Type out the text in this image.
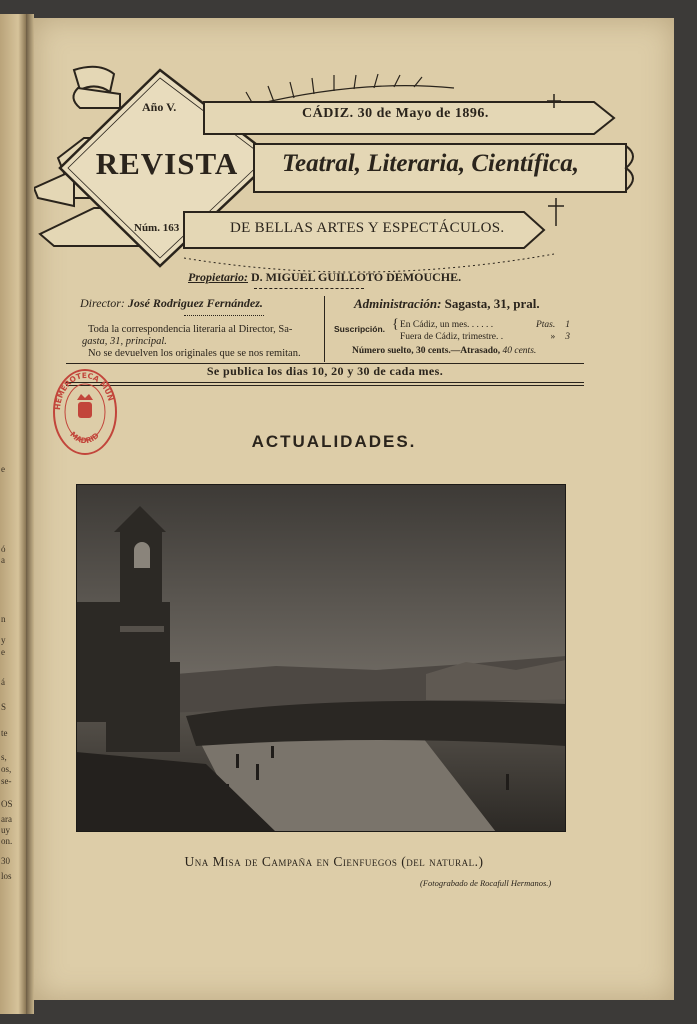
e
ó
a
n
y
e
á
S
te
s,
os,
se-
OS
ara
uy
on.
30
los
Año V.	CÁDIZ. 30 de Mayo de 1896.
REVISTA Teatral, Literaria, Científica,
Núm. 163	DE BELLAS ARTES Y ESPECTÁCULOS.
Propietario: D. MIGUEL GUILLOTO DEMOUCHE.
Director: José Rodriguez Fernández.
Toda la correspondencia literaria al Director, Sa-
gasta, 31, principal.
No se devuelven los originales que se nos remitan.
Administración: Sagasta, 31, pral.
Suscripción. { En Cádiz, un mes. . . . . .	Ptas. 1
Fuera de Cádiz, trimestre. .	» 3
Número suelto, 30 cents.—Atrasado, 40 cents.
Se publica los dias 10, 20 y 30 de cada mes.
HEMEROTECA MUN
MADRID	ACTUALIDADES.
Una Misa de Campaña en Cienfuegos (del natural.)
(Fotograbado de Rocafull Hermanos.)
